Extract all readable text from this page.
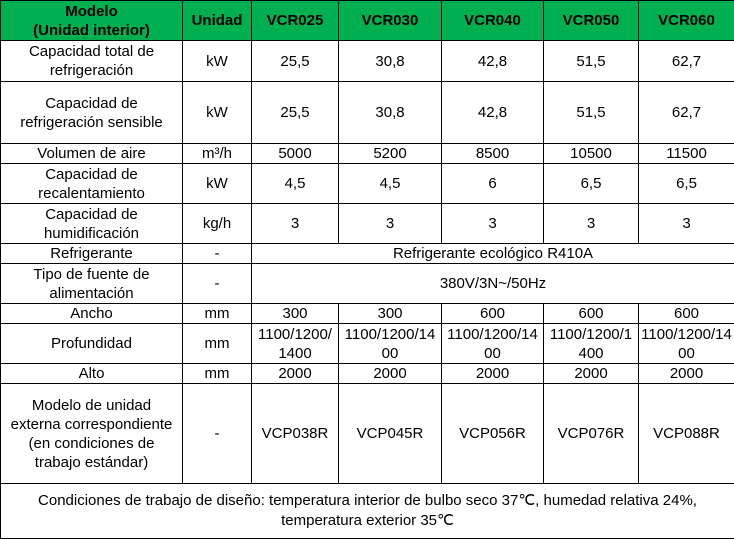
Modelo
(Unidad interior)	Unidad	VCR025	VCR030	VCR040	VCR050	VCR060

Capacidad total de
refrigeración	kW	25,5	30,8	42,8	51,5	62,7

Capacidad de
refrigeración sensible	kW	25,5	30,8	42,8	51,5	62,7

Volumen de aire	m³/h	5000	5200	8500	10500	11500

Capacidad de
recalentamiento	kW	4,5	4,5	6	6,5	6,5

Capacidad de
humidificación	kg/h	3	3	3	3	3

Refrigerante	-	Refrigerante ecológico R410A				

Tipo de fuente de
alimentación	-	380V/3N~/50Hz				

Ancho	mm	300	300	600	600	600

Profundidad	mm	1100/1200/1400	1100/1200/1400	1100/1200/1400	1100/1200/1400	1100/1200/1400

Alto	mm	2000	2000	2000	2000	2000

Modelo de unidad
externa correspondiente
(en condiciones de
trabajo estándar)	-	VCP038R	VCP045R	VCP056R	VCP076R	VCP088R

Condiciones de trabajo de diseño: temperatura interior de bulbo seco 37℃, humedad relativa 24%,
temperatura exterior 35℃						
